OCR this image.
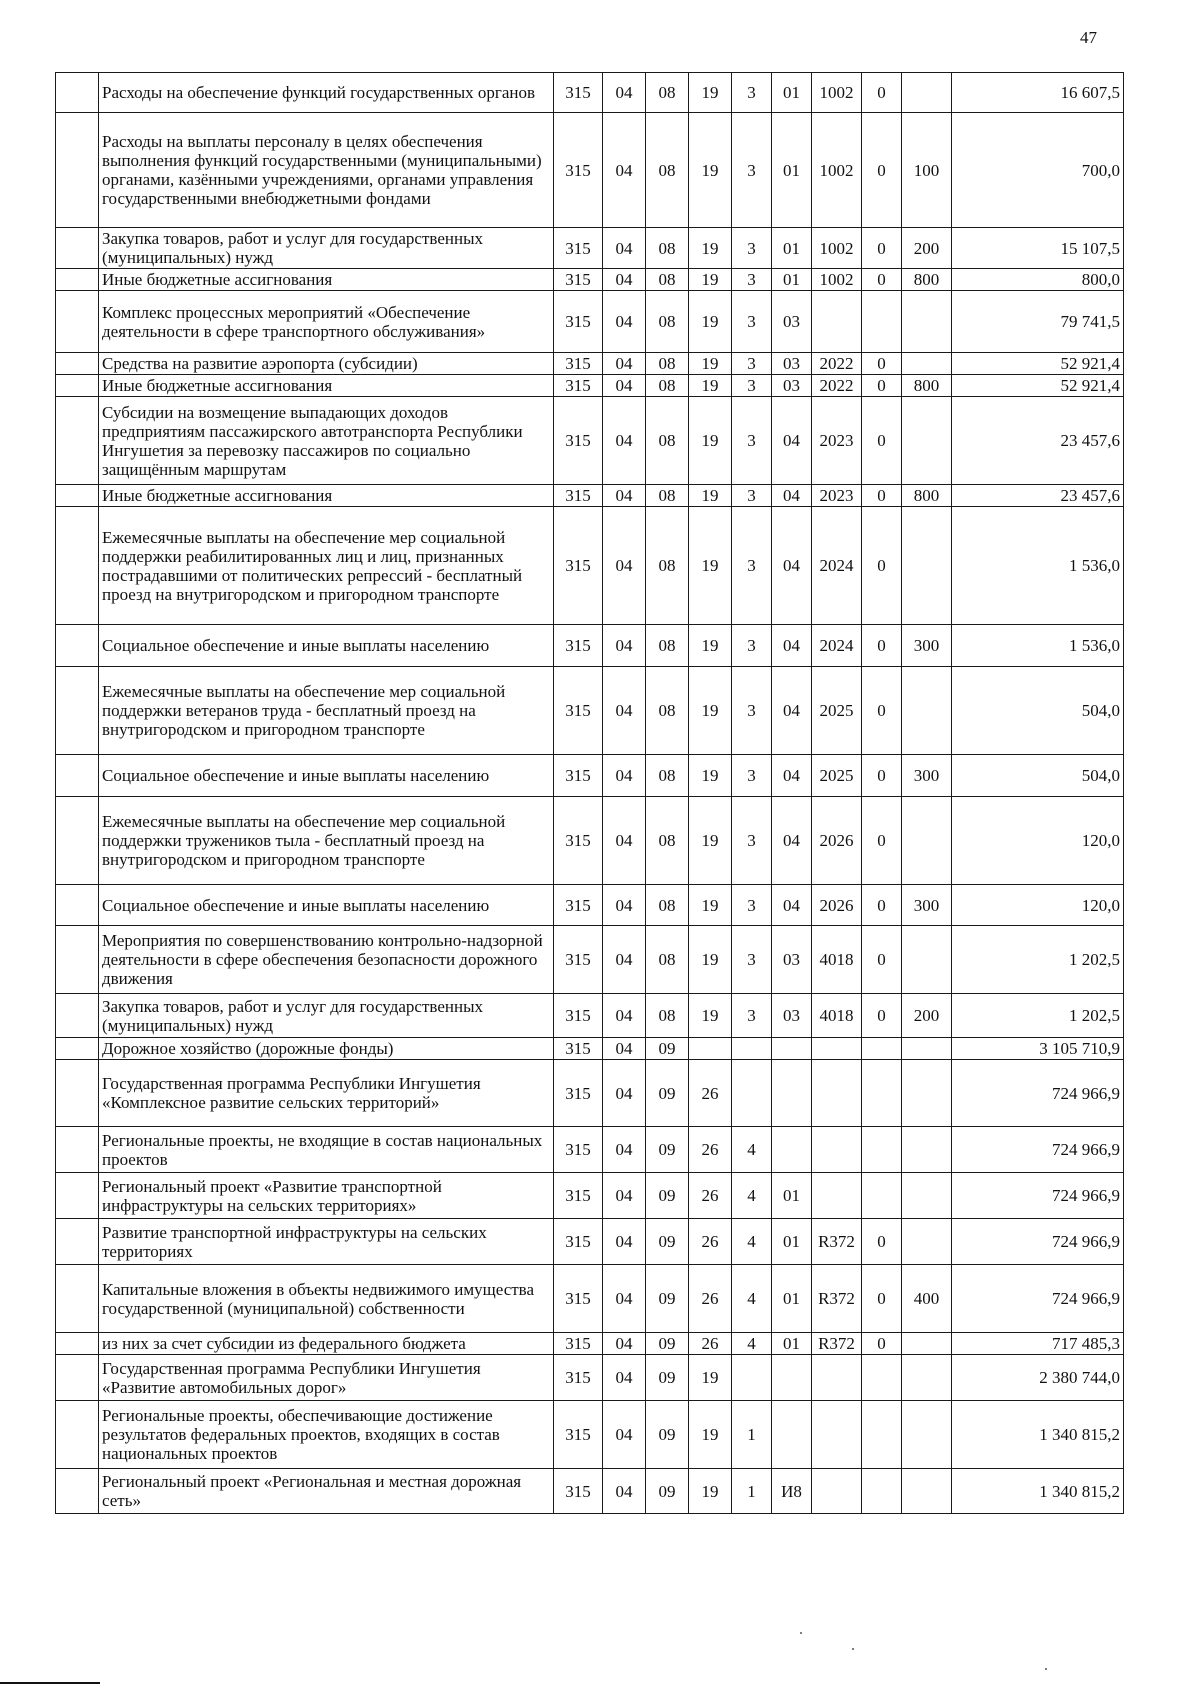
47
	Расходы на обеспечение функций государственных органов	315	04	08	19	3	01	1002	0		16 607,5
	Расходы на выплаты персоналу в целях обеспечения выполнения функций государственными (муниципальными) органами, казёнными учреждениями, органами управления государственными внебюджетными фондами	315	04	08	19	3	01	1002	0	100	700,0
	Закупка товаров, работ и услуг для государственных (муниципальных) нужд	315	04	08	19	3	01	1002	0	200	15 107,5
	Иные бюджетные ассигнования	315	04	08	19	3	01	1002	0	800	800,0
	Комплекс процессных мероприятий «Обеспечение деятельности в сфере транспортного обслуживания»	315	04	08	19	3	03				79 741,5
	Средства на развитие аэропорта (субсидии)	315	04	08	19	3	03	2022	0		52 921,4
	Иные бюджетные ассигнования	315	04	08	19	3	03	2022	0	800	52 921,4
	Субсидии на возмещение выпадающих доходов предприятиям пассажирского автотранспорта Республики Ингушетия за перевозку пассажиров по социально защищённым маршрутам	315	04	08	19	3	04	2023	0		23 457,6
	Иные бюджетные ассигнования	315	04	08	19	3	04	2023	0	800	23 457,6
	Ежемесячные выплаты на обеспечение мер социальной поддержки реабилитированных лиц и лиц, признанных пострадавшими от политических репрессий - бесплатный проезд на внутригородском и пригородном транспорте	315	04	08	19	3	04	2024	0		1 536,0
	Социальное обеспечение и иные выплаты населению	315	04	08	19	3	04	2024	0	300	1 536,0
	Ежемесячные выплаты на обеспечение мер социальной поддержки ветеранов труда - бесплатный проезд на внутригородском и пригородном транспорте	315	04	08	19	3	04	2025	0		504,0
	Социальное обеспечение и иные выплаты населению	315	04	08	19	3	04	2025	0	300	504,0
	Ежемесячные выплаты на обеспечение мер социальной поддержки тружеников тыла - бесплатный проезд на внутригородском и пригородном транспорте	315	04	08	19	3	04	2026	0		120,0
	Социальное обеспечение и иные выплаты населению	315	04	08	19	3	04	2026	0	300	120,0
	Мероприятия по совершенствованию контрольно-надзорной деятельности в сфере обеспечения безопасности дорожного движения	315	04	08	19	3	03	4018	0		1 202,5
	Закупка товаров, работ и услуг для государственных (муниципальных) нужд	315	04	08	19	3	03	4018	0	200	1 202,5
	Дорожное хозяйство (дорожные фонды)	315	04	09							3 105 710,9
	Государственная программа Республики Ингушетия «Комплексное развитие сельских территорий»	315	04	09	26						724 966,9
	Региональные проекты, не входящие в состав национальных проектов	315	04	09	26	4					724 966,9
	Региональный проект «Развитие транспортной инфраструктуры на сельских территориях»	315	04	09	26	4	01				724 966,9
	Развитие транспортной инфраструктуры на сельских территориях	315	04	09	26	4	01	R372	0		724 966,9
	Капитальные вложения в объекты недвижимого имущества государственной (муниципальной) собственности	315	04	09	26	4	01	R372	0	400	724 966,9
	из них за счет субсидии из федерального бюджета	315	04	09	26	4	01	R372	0		717 485,3
	Государственная программа Республики Ингушетия «Развитие автомобильных дорог»	315	04	09	19						2 380 744,0
	Региональные проекты, обеспечивающие достижение результатов федеральных проектов, входящих в состав национальных проектов	315	04	09	19	1					1 340 815,2
	Региональный проект «Региональная и местная дорожная сеть»	315	04	09	19	1	И8				1 340 815,2
